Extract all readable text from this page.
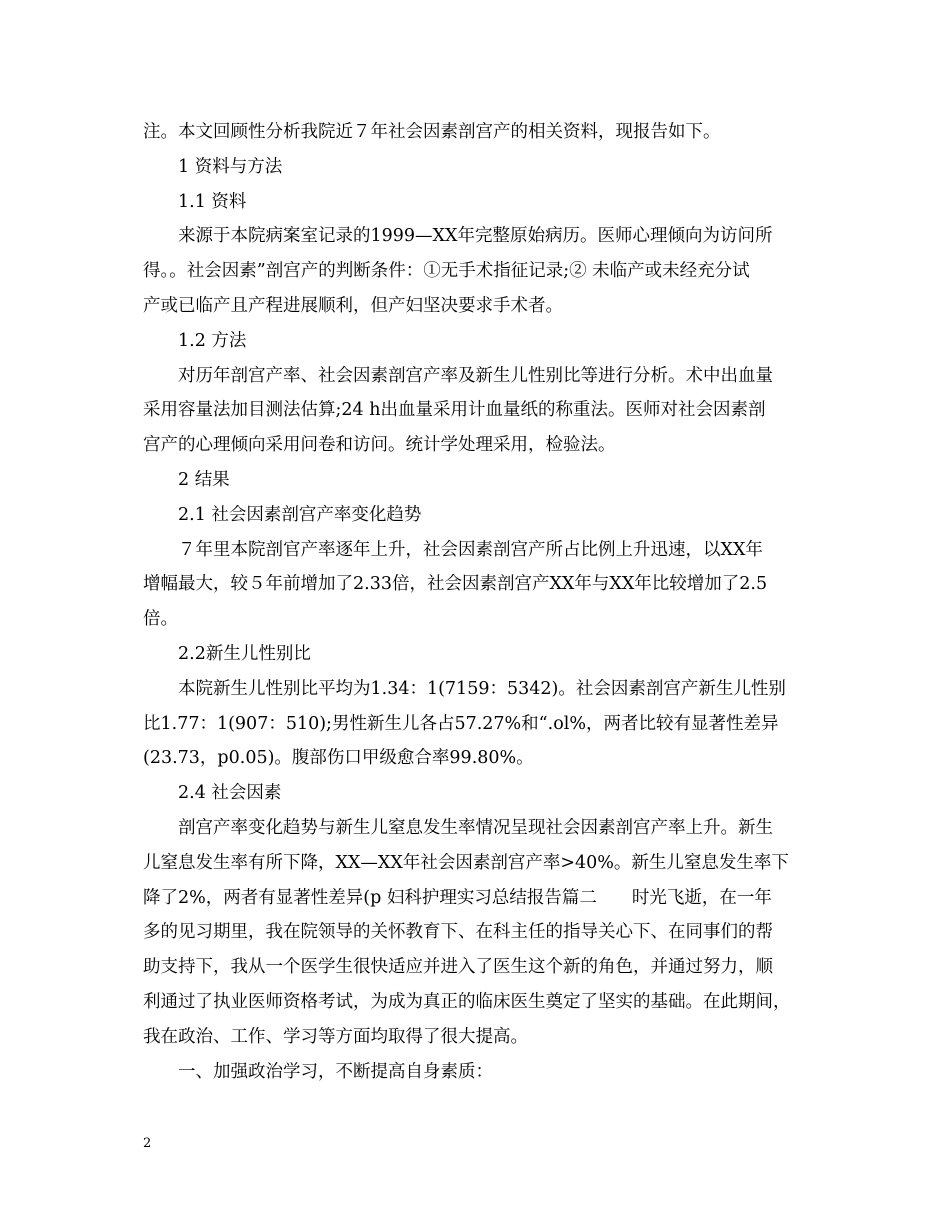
注。本文回顾性分析我院近７年社会因素剖宫产的相关资料，现报告如下。
1 资料与方法
1.1 资料
来源于本院病案室记录的1999—XX年完整原始病历。医师心理倾向为访问所
得。。社会因素”剖宫产的判断条件：①无手术指征记录;② 未临产或未经充分试
产或已临产且产程进展顺利，但产妇坚决要求手术者。
1.2 方法
对历年剖宫产率、社会因素剖宫产率及新生儿性别比等进行分析。术中出血量
采用容量法加目测法估算;24 h出血量采用计血量纸的称重法。医师对社会因素剖
宫产的心理倾向采用问卷和访问。统计学处理采用，检验法。
2 结果
2.1 社会因素剖宫产率变化趋势
７年里本院剖官产率逐年上升，社会因素剖宫产所占比例上升迅速，以XX年
增幅最大，较５年前增加了2.33倍，社会因素剖宫产XX年与XX年比较增加了2.5
倍。
2.2新生儿性别比
本院新生儿性别比平均为1.34：1(7159：5342)。社会因素剖宫产新生儿性别
比1.77：1(907：510);男性新生儿各占57.27%和“.ol%，两者比较有显著性差异
(23.73，p0.05)。腹部伤口甲级愈合率99.80%。
2.4 社会因素
剖宫产率变化趋势与新生儿窒息发生率情况呈现社会因素剖宫产率上升。新生
儿窒息发生率有所下降，XX—XX年社会因素剖宫产率>40%。新生儿窒息发生率下
降了2%，两者有显著性差异(p 妇科护理实习总结报告篇二　　时光飞逝，在一年
多的见习期里，我在院领导的关怀教育下、在科主任的指导关心下、在同事们的帮
助支持下，我从一个医学生很快适应并进入了医生这个新的角色，并通过努力，顺
利通过了执业医师资格考试，为成为真正的临床医生奠定了坚实的基础。在此期间，
我在政治、工作、学习等方面均取得了很大提高。
一、加强政治学习，不断提高自身素质：
2
